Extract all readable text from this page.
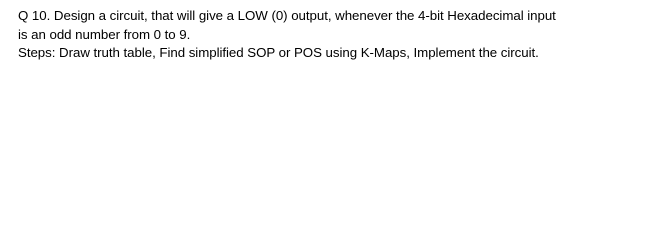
Q 10. Design a circuit, that will give a LOW (0) output, whenever the 4-bit Hexadecimal input
is an odd number from 0 to 9.
Steps: Draw truth table, Find simplified SOP or POS using K-Maps, Implement the circuit.
